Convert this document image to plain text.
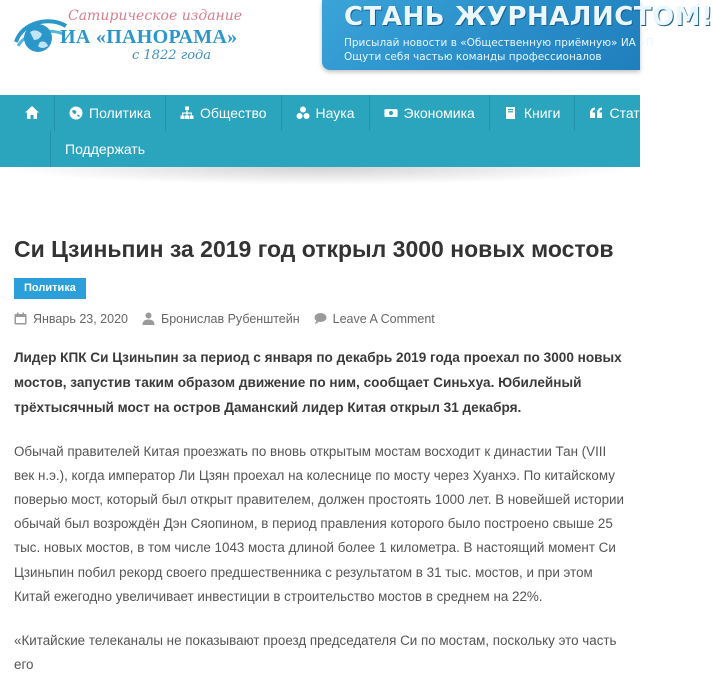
Сатирическое издание
ИА «ПАНОРАМА»
с 1822 года
СТАНЬ ЖУРНАЛИСТОМ!
Присылай новости в «Общественную приёмную» ИА «П
Ощути себя частью команды профессионалов
Политика	Общество	Наука	Экономика	Книги	Статьи
Поддержать
Си Цзиньпин за 2019 год открыл 3000 новых мостов
Политика
Январь 23, 2020	Бронислав Рубенштейн	Leave A Comment

Лидер КПК Си Цзиньпин за период с января по декабрь 2019 года проехал по 3000 новых мостов, запустив таким образом движение по ним, сообщает Синьхуа. Юбилейный трёхтысячный мост на остров Даманский лидер Китая открыл 31 декабря.

Обычай правителей Китая проезжать по вновь открытым мостам восходит к династии Тан (VIII век н.э.), когда император Ли Цзян проехал на колеснице по мосту через Хуанхэ. По китайскому поверью мост, который был открыт правителем, должен простоять 1000 лет. В новейшей истории обычай был возрождён Дэн Сяопином, в период правления которого было построено свыше 25 тыс. новых мостов, в том числе 1043 моста длиной более 1 километра. В настоящий момент Си Цзиньпин побил рекорд своего предшественника с результатом в 31 тыс. мостов, и при этом Китай ежегодно увеличивает инвестиции в строительство мостов в среднем на 22%.

«Китайские телеканалы не показывают проезд председателя Си по мостам, поскольку это часть его
